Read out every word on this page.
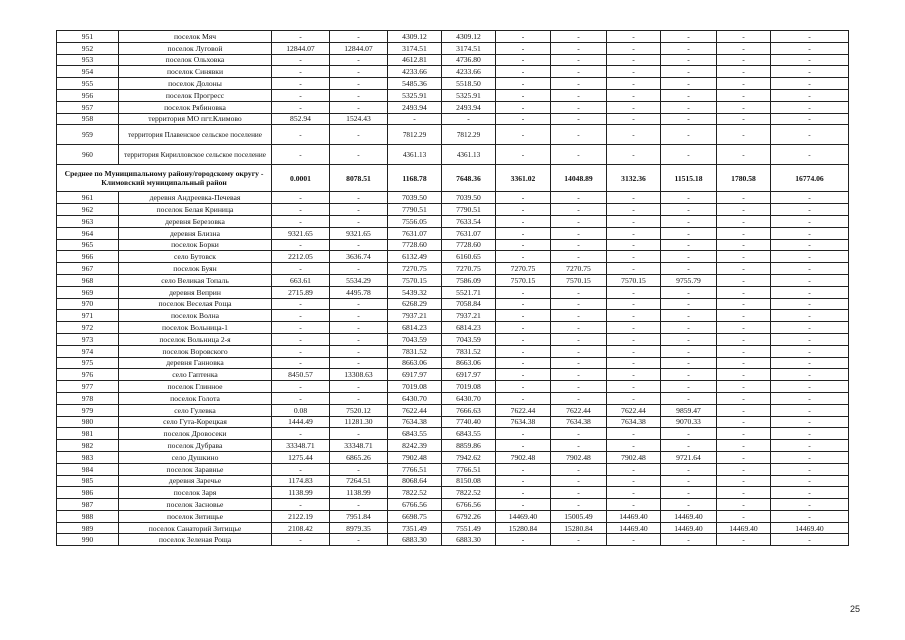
951	поселок Мяч	-	-	4309.12	4309.12	-	-	-	-	-	-
952	поселок Луговой	12844.07	12844.07	3174.51	3174.51	-	-	-	-	-	-
953	поселок Ольховка	-	-	4612.81	4736.80	-	-	-	-	-	-
954	поселок Синявки	-	-	4233.66	4233.66	-	-	-	-	-	-
955	поселок Долоны	-	-	5485.36	5518.50	-	-	-	-	-	-
956	поселок Прогресс	-	-	5325.91	5325.91	-	-	-	-	-	-
957	поселок Рябиновка	-	-	2493.94	2493.94	-	-	-	-	-	-
958	территория МО пгт.Климово	852.94	1524.43	-	-	-	-	-	-	-	-
959	территория Плавенское сельское поселение	-	-	7812.29	7812.29	-	-	-	-	-	-
960	территория Кирилловское сельское поселение	-	-	4361.13	4361.13	-	-	-	-	-	-
Среднее по Муниципальному району/городскому округу - Климовский муниципальный район		0.0001	8078.51	1168.78	7648.36	3361.02	14048.89	3132.36	11515.18	1780.58	16774.06
961	деревня Андреевка-Печевая	-	-	7039.50	7039.50	-	-	-	-	-	-
962	поселок Белая Криница	-	-	7790.51	7790.51	-	-	-	-	-	-
963	деревня Березовка	-	-	7556.05	7633.54	-	-	-	-	-	-
964	деревня Близна	9321.65	9321.65	7631.07	7631.07	-	-	-	-	-	-
965	поселок Борки	-	-	7728.60	7728.60	-	-	-	-	-	-
966	село Бутовск	2212.05	3636.74	6132.49	6160.65	-	-	-	-	-	-
967	поселок Буян	-	-	7270.75	7270.75	7270.75	7270.75	-	-	-	-
968	село Великая Топаль	663.61	5534.29	7570.15	7586.09	7570.15	7570.15	7570.15	9755.79	-	-
969	деревня Веприн	2715.89	4495.78	5439.32	5521.71	-	-	-	-	-	-
970	поселок Веселая Роща	-	-	6268.29	7058.84	-	-	-	-	-	-
971	поселок Волна	-	-	7937.21	7937.21	-	-	-	-	-	-
972	поселок Вольница-1	-	-	6814.23	6814.23	-	-	-	-	-	-
973	поселок Вольница 2-я	-	-	7043.59	7043.59	-	-	-	-	-	-
974	поселок Воровского	-	-	7831.52	7831.52	-	-	-	-	-	-
975	деревня Ганновка	-	-	8663.06	8663.06	-	-	-	-	-	-
976	село Гаптенка	8450.57	13308.63	6917.97	6917.97	-	-	-	-	-	-
977	поселок Глинное	-	-	7019.08	7019.08	-	-	-	-	-	-
978	поселок Голота	-	-	6430.70	6430.70	-	-	-	-	-	-
979	село Гулевка	0.08	7520.12	7622.44	7666.63	7622.44	7622.44	7622.44	9859.47	-	-
980	село Гута-Корецкая	1444.49	11281.30	7634.38	7740.40	7634.38	7634.38	7634.38	9070.33	-	-
981	поселок Дровосеки	-	-	6843.55	6843.55	-	-	-	-	-	-
982	поселок Дубрава	33348.71	33348.71	8242.39	8859.86	-	-	-	-	-	-
983	село Душкино	1275.44	6865.26	7902.48	7942.62	7902.48	7902.48	7902.48	9721.64	-	-
984	поселок Заравнье	-	-	7766.51	7766.51	-	-	-	-	-	-
985	деревня Заречье	1174.83	7264.51	8068.64	8150.08	-	-	-	-	-	-
986	поселок Заря	1138.99	1138.99	7822.52	7822.52	-	-	-	-	-	-
987	поселок Засновье	-	-	6766.56	6766.56	-	-	-	-	-	-
988	поселок Зитищье	2122.19	7951.84	6698.75	6792.26	14469.40	15005.49	14469.40	14469.40	-	-
989	поселок Санаторий Зитищье	2108.42	8979.35	7351.49	7551.49	15280.84	15280.84	14469.40	14469.40	14469.40	14469.40
990	поселок Зеленая Роща	-	-	6883.30	6883.30	-	-	-	-	-	-
25
